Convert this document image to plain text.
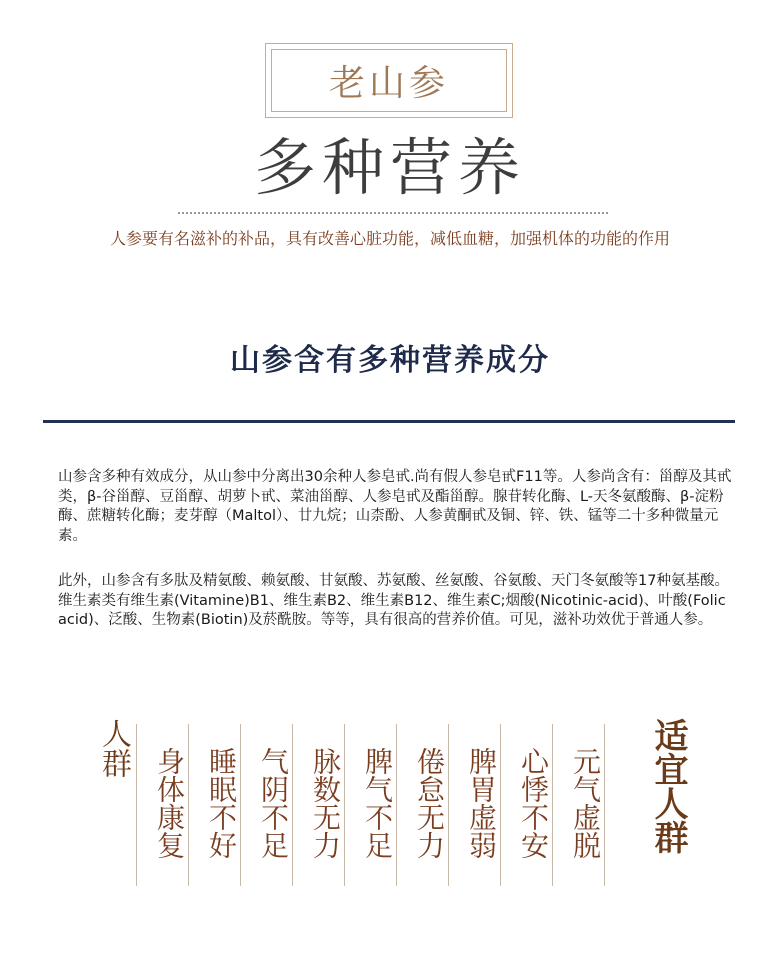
老山参
多种营养
人参要有名滋补的补品，具有改善心脏功能，减低血糖，加强机体的功能的作用
山参含有多种营养成分

山参含多种有效成分，从山参中分离出30余种人参皂甙.尚有假人参皂甙F11等。人参尚含有：甾醇及其甙类，β-谷甾醇、豆甾醇、胡萝卜甙、菜油甾醇、人参皂甙及酯甾醇。腺苷转化酶、L-天冬氨酸酶、β-淀粉酶、蔗糖转化酶；麦芽醇（Maltol）、廿九烷；山柰酚、人参黄酮甙及铜、锌、铁、锰等二十多种微量元素。

此外，山参含有多肽及精氨酸、赖氨酸、甘氨酸、苏氨酸、丝氨酸、谷氨酸、天门冬氨酸等17种氨基酸。维生素类有维生素(Vitamine)B1、维生素B2、维生素B12、维生素C;烟酸(Nicotinic-acid)、叶酸(Folic acid)、泛酸、生物素(Biotin)及菸酰胺。等等，具有很高的营养价值。可见，滋补功效优于普通人参。

人群 身体康复 睡眠不好 气阴不足 脉数无力 脾气不足 倦怠无力 脾胃虚弱 心悸不安 元气虚脱 适宜人群
